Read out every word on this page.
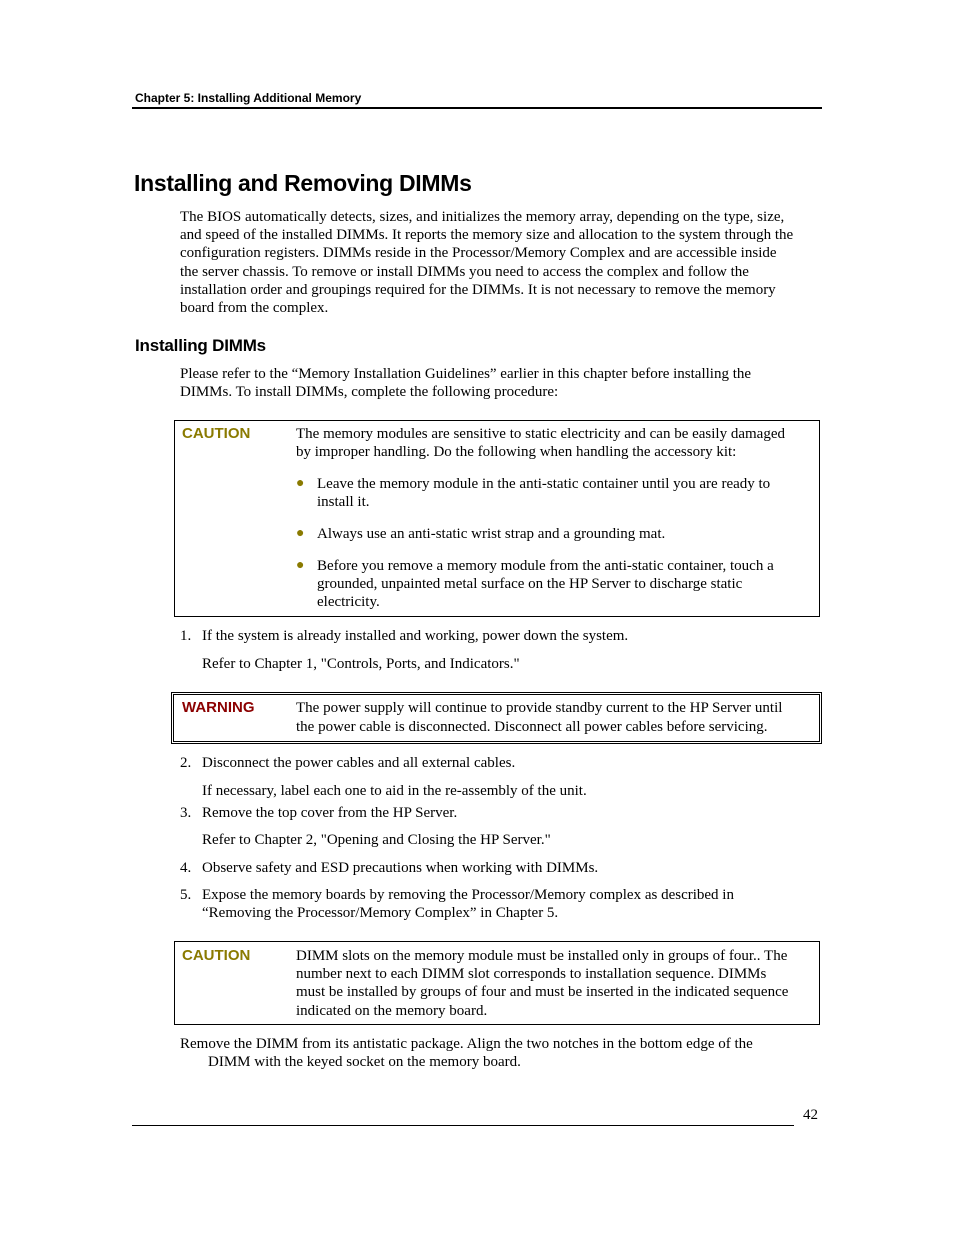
Chapter 5: Installing Additional Memory
Installing and Removing DIMMs
The BIOS automatically detects, sizes, and initializes the memory array, depending on the type, size,
and speed of the installed DIMMs. It reports the memory size and allocation to the system through the
configuration registers. DIMMs reside in the Processor/Memory Complex and are accessible inside
the server chassis. To remove or install DIMMs you need to access the complex and follow the
installation order and groupings required for the DIMMs. It is not necessary to remove the memory
board from the complex.
Installing DIMMs
Please refer to the “Memory Installation Guidelines” earlier in this chapter before installing the
DIMMs. To install DIMMs, complete the following procedure:
CAUTION	The memory modules are sensitive to static electricity and can be easily damaged
by improper handling. Do the following when handling the accessory kit:
● Leave the memory module in the anti-static container until you are ready to
install it.
● Always use an anti-static wrist strap and a grounding mat.
● Before you remove a memory module from the anti-static container, touch a
grounded, unpainted metal surface on the HP Server to discharge static
electricity.
1. If the system is already installed and working, power down the system.
Refer to Chapter 1, "Controls, Ports, and Indicators."
WARNING	The power supply will continue to provide standby current to the HP Server until
the power cable is disconnected. Disconnect all power cables before servicing.
2. Disconnect the power cables and all external cables.
If necessary, label each one to aid in the re-assembly of the unit.
3. Remove the top cover from the HP Server.
Refer to Chapter 2, "Opening and Closing the HP Server."
4. Observe safety and ESD precautions when working with DIMMs.
5. Expose the memory boards by removing the Processor/Memory complex as described in
“Removing the Processor/Memory Complex” in Chapter 5.
CAUTION	DIMM slots on the memory module must be installed only in groups of four.. The
number next to each DIMM slot corresponds to installation sequence. DIMMs
must be installed by groups of four and must be inserted in the indicated sequence
indicated on the memory board.
Remove the DIMM from its antistatic package. Align the two notches in the bottom edge of the
DIMM with the keyed socket on the memory board.
42
